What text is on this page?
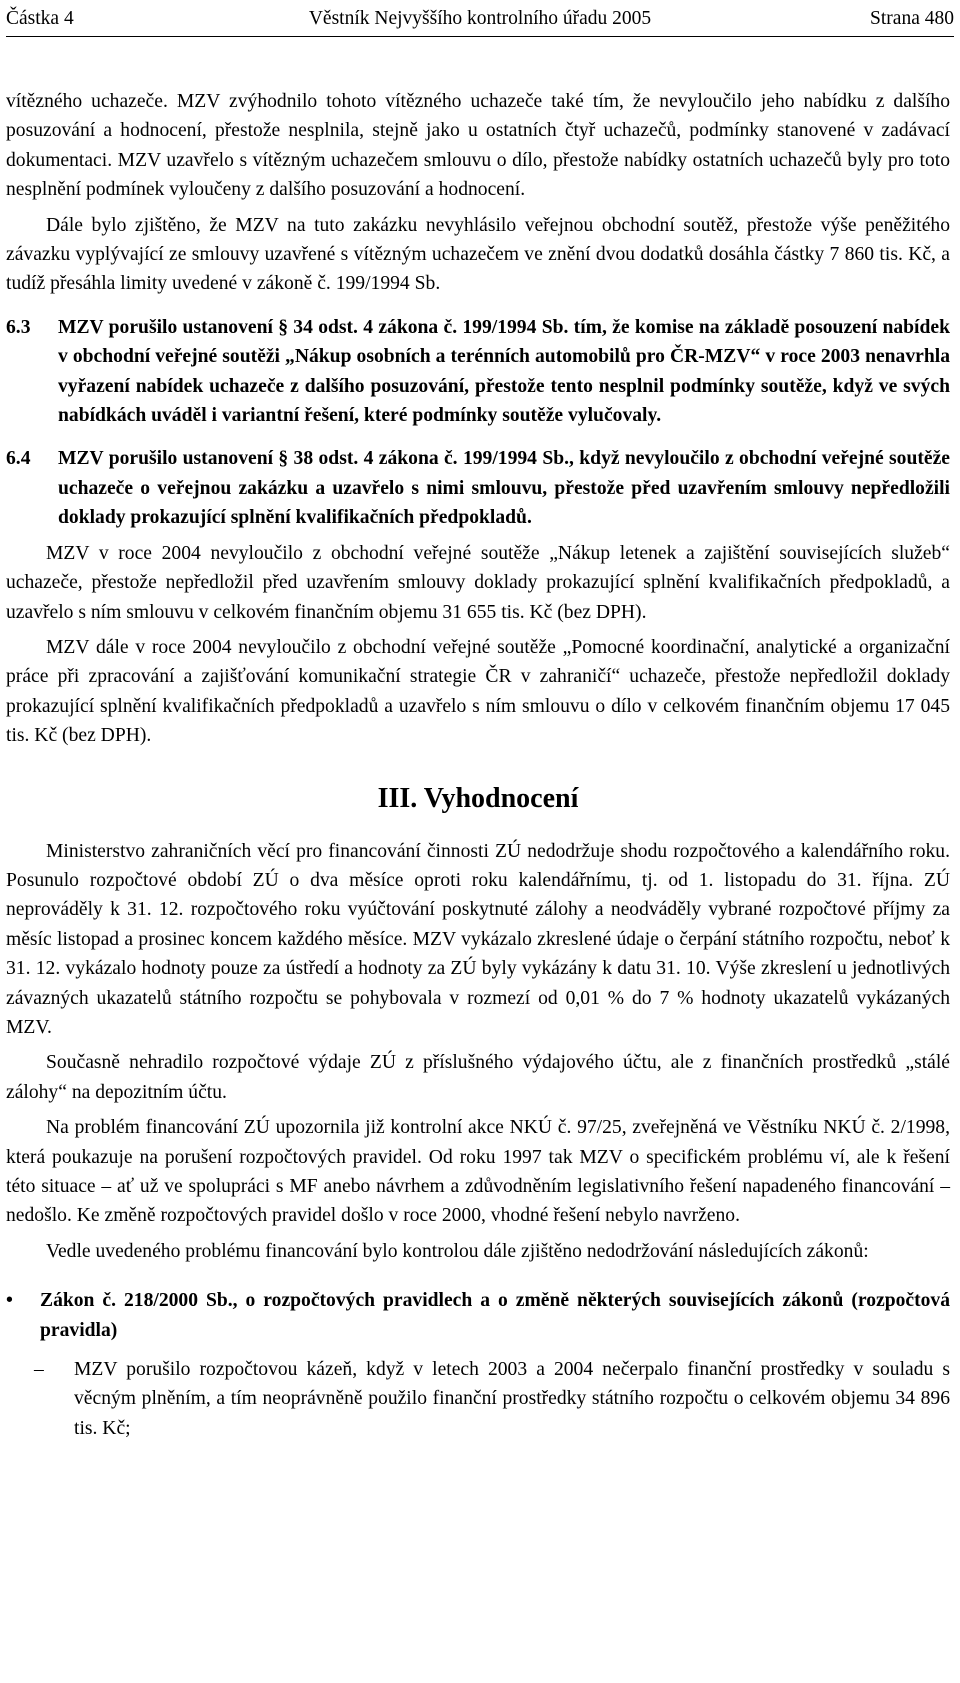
Částka 4	Věstník Nejvyššího kontrolního úřadu 2005	Strana 480

vítězného uchazeče. MZV zvýhodnilo tohoto vítězného uchazeče také tím, že nevyloučilo jeho nabídku z dalšího posuzování a hodnocení, přestože nesplnila, stejně jako u ostatních čtyř uchazečů, podmínky stanovené v zadávací dokumentaci. MZV uzavřelo s vítězným uchazečem smlouvu o dílo, přestože nabídky ostatních uchazečů byly pro toto nesplnění podmínek vyloučeny z dalšího posuzování a hodnocení.

Dále bylo zjištěno, že MZV na tuto zakázku nevyhlásilo veřejnou obchodní soutěž, přestože výše peněžitého závazku vyplývající ze smlouvy uzavřené s vítězným uchazečem ve znění dvou dodatků dosáhla částky 7 860 tis. Kč, a tudíž přesáhla limity uvedené v zákoně č. 199/1994 Sb.

6.3	MZV porušilo ustanovení § 34 odst. 4 zákona č. 199/1994 Sb. tím, že komise na základě posouzení nabídek v obchodní veřejné soutěži „Nákup osobních a terénních automobilů pro ČR-MZV“ v roce 2003 nenavrhla vyřazení nabídek uchazeče z dalšího posuzování, přestože tento nesplnil podmínky soutěže, když ve svých nabídkách uváděl i variantní řešení, které podmínky soutěže vylučovaly.
6.4	MZV porušilo ustanovení § 38 odst. 4 zákona č. 199/1994 Sb., když nevyloučilo z obchodní veřejné soutěže uchazeče o veřejnou zakázku a uzavřelo s nimi smlouvu, přestože před uzavřením smlouvy nepředložili doklady prokazující splnění kvalifikačních předpokladů.

MZV v roce 2004 nevyloučilo z obchodní veřejné soutěže „Nákup letenek a zajištění souvisejících služeb“ uchazeče, přestože nepředložil před uzavřením smlouvy doklady prokazující splnění kvalifikačních předpokladů, a uzavřelo s ním smlouvu v celkovém finančním objemu 31 655 tis. Kč (bez DPH).

MZV dále v roce 2004 nevyloučilo z obchodní veřejné soutěže „Pomocné koordinační, analytické a organizační práce při zpracování a zajišťování komunikační strategie ČR v zahraničí“ uchazeče, přestože nepředložil doklady prokazující splnění kvalifikačních předpokladů a uzavřelo s ním smlouvu o dílo v celkovém finančním objemu 17 045 tis. Kč (bez DPH).

III. Vyhodnocení

Ministerstvo zahraničních věcí pro financování činnosti ZÚ nedodržuje shodu rozpočtového a kalendářního roku. Posunulo rozpočtové období ZÚ o dva měsíce oproti roku kalendářnímu, tj. od 1. listopadu do 31. října. ZÚ neprováděly k 31. 12. rozpočtového roku vyúčtování poskytnuté zálohy a neodváděly vybrané rozpočtové příjmy za měsíc listopad a prosinec koncem každého měsíce. MZV vykázalo zkreslené údaje o čerpání státního rozpočtu, neboť k 31. 12. vykázalo hodnoty pouze za ústředí a hodnoty za ZÚ byly vykázány k datu 31. 10. Výše zkreslení u jednotlivých závazných ukazatelů státního rozpočtu se pohybovala v rozmezí od 0,01 % do 7 % hodnoty ukazatelů vykázaných MZV.

Současně nehradilo rozpočtové výdaje ZÚ z příslušného výdajového účtu, ale z finančních prostředků „stálé zálohy“ na depozitním účtu.

Na problém financování ZÚ upozornila již kontrolní akce NKÚ č. 97/25, zveřejněná ve Věstníku NKÚ č. 2/1998, která poukazuje na porušení rozpočtových pravidel. Od roku 1997 tak MZV o specifickém problému ví, ale k řešení této situace – ať už ve spolupráci s MF anebo návrhem a zdůvodněním legislativního řešení napadeného financování – nedošlo. Ke změně rozpočtových pravidel došlo v roce 2000, vhodné řešení nebylo navrženo.

Vedle uvedeného problému financování bylo kontrolou dále zjištěno nedodržování následujících zákonů:

•	Zákon č. 218/2000 Sb., o rozpočtových pravidlech a o změně některých souvisejících zákonů (rozpočtová pravidla)
–	MZV porušilo rozpočtovou kázeň, když v letech 2003 a 2004 nečerpalo finanční prostředky v souladu s věcným plněním, a tím neoprávněně použilo finanční prostředky státního rozpočtu o celkovém objemu 34 896 tis. Kč;
